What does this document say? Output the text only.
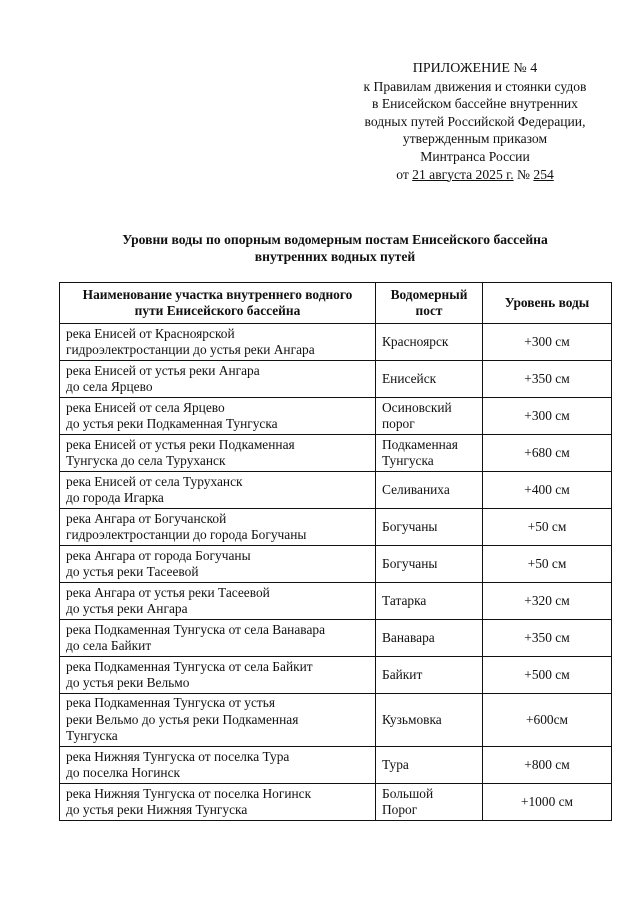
ПРИЛОЖЕНИЕ № 4
к Правилам движения и стоянки судов
в Енисейском бассейне внутренних
водных путей Российской Федерации,
утвержденным приказом
Минтранса России
от 21 августа 2025 г. № 254
Уровни воды по опорным водомерным постам Енисейского бассейна
внутренних водных путей
Наименование участка внутреннего водного
пути Енисейского бассейна	Водомерный
пост	Уровень воды

река Енисей от Красноярской
гидроэлектростанции до устья реки Ангара	Красноярск	+300 см

река Енисей от устья реки Ангара
до села Ярцево	Енисейск	+350 см

река Енисей от села Ярцево
до устья реки Подкаменная Тунгуска	Осиновский
порог	+300 см

река Енисей от устья реки Подкаменная
Тунгуска до села Туруханск	Подкаменная
Тунгуска	+680 см

река Енисей от села Туруханск
до города Игарка	Селиваниха	+400 см

река Ангара от Богучанской
гидроэлектростанции до города Богучаны	Богучаны	+50 см

река Ангара от города Богучаны
до устья реки Тасеевой	Богучаны	+50 см

река Ангара от устья реки Тасеевой
до устья реки Ангара	Татарка	+320 см

река Подкаменная Тунгуска от села Ванавара
до села Байкит	Ванавара	+350 см

река Подкаменная Тунгуска от села Байкит
до устья реки Вельмо	Байкит	+500 см

река Подкаменная Тунгуска от устья
реки Вельмо до устья реки Подкаменная
Тунгуска	Кузьмовка	+600см

река Нижняя Тунгуска от поселка Тура
до поселка Ногинск	Тура	+800 см

река Нижняя Тунгуска от поселка Ногинск
до устья реки Нижняя Тунгуска	Большой
Порог	+1000 см
